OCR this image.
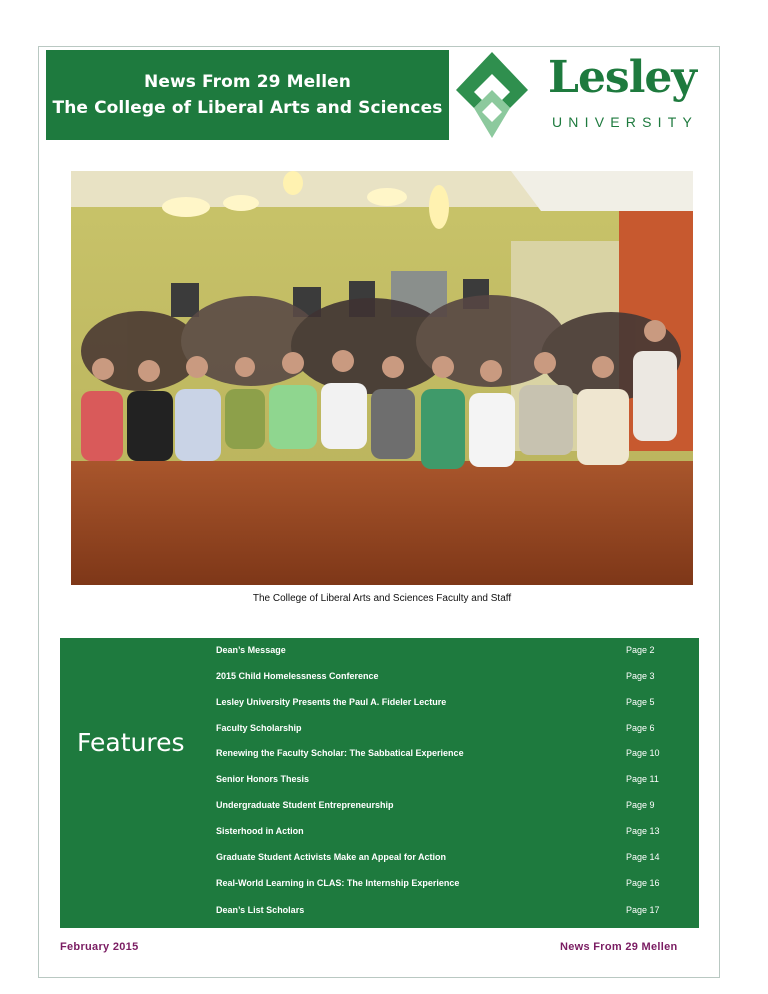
News From 29 Mellen
The College of Liberal Arts and Sciences
Lesley
UNIVERSITY
The College of Liberal Arts and Sciences Faculty and Staff
Features
Dean’s Message	Page 2
2015 Child Homelessness Conference	Page 3
Lesley University Presents the Paul A. Fideler Lecture	Page 5
Faculty Scholarship	Page 6
Renewing the Faculty Scholar: The Sabbatical Experience	Page 10
Senior Honors Thesis	Page 11
Undergraduate Student Entrepreneurship	Page 9
Sisterhood in Action	Page 13
Graduate Student Activists Make an Appeal for Action	Page 14
Real-World Learning in CLAS: The Internship Experience	Page 16
Dean’s List Scholars	Page 17
February 2015	News From 29 Mellen
